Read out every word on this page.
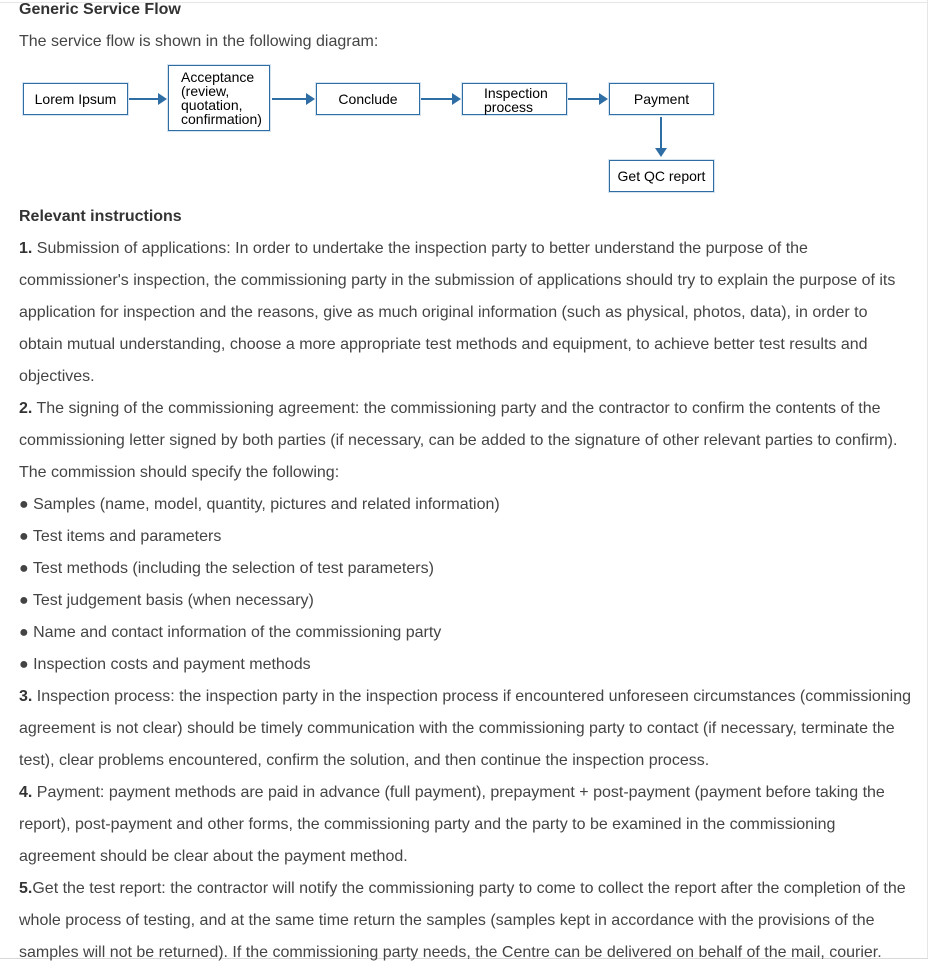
Generic Service Flow
The service flow is shown in the following diagram:
Lorem Ipsum
Acceptance
(review,
quotation,
confirmation)
Conclude	Inspection
process	Payment
Get QC report

Relevant instructions

1. Submission of applications: In order to undertake the inspection party to better understand the purpose of the commissioner's inspection, the commissioning party in the submission of applications should try to explain the purpose of its application for inspection and the reasons, give as much original information (such as physical, photos, data), in order to obtain mutual understanding, choose a more appropriate test methods and equipment, to achieve better test results and objectives.

2. The signing of the commissioning agreement: the commissioning party and the contractor to confirm the contents of the commissioning letter signed by both parties (if necessary, can be added to the signature of other relevant parties to confirm). The commission should specify the following:

● Samples (name, model, quantity, pictures and related information)

● Test items and parameters

● Test methods (including the selection of test parameters)

● Test judgement basis (when necessary)

● Name and contact information of the commissioning party

● Inspection costs and payment methods

3. Inspection process: the inspection party in the inspection process if encountered unforeseen circumstances (commissioning agreement is not clear) should be timely communication with the commissioning party to contact (if necessary, terminate the test), clear problems encountered, confirm the solution, and then continue the inspection process.

4. Payment: payment methods are paid in advance (full payment), prepayment + post-payment (payment before taking the report), post-payment and other forms, the commissioning party and the party to be examined in the commissioning agreement should be clear about the payment method.

5.Get the test report: the contractor will notify the commissioning party to come to collect the report after the completion of the whole process of testing, and at the same time return the samples (samples kept in accordance with the provisions of the samples will not be returned). If the commissioning party needs, the Centre can be delivered on behalf of the mail, courier.
